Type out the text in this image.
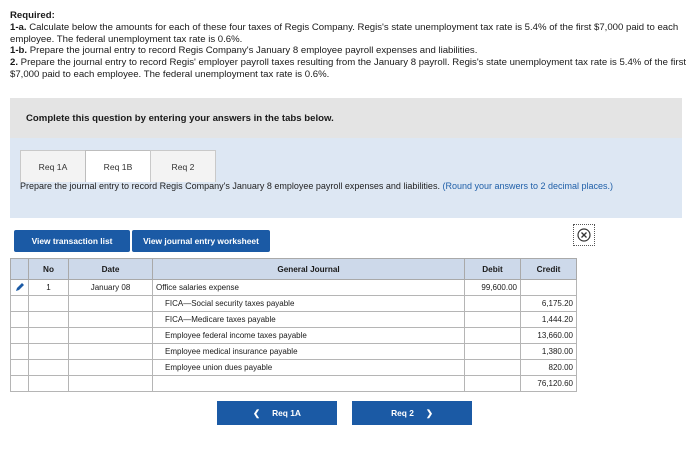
Required:
1-a. Calculate below the amounts for each of these four taxes of Regis Company. Regis's state unemployment tax rate is 5.4% of the first $7,000 paid to each employee. The federal unemployment tax rate is 0.6%.
1-b. Prepare the journal entry to record Regis Company's January 8 employee payroll expenses and liabilities.
2. Prepare the journal entry to record Regis' employer payroll taxes resulting from the January 8 payroll. Regis's state unemployment tax rate is 5.4% of the first $7,000 paid to each employee. The federal unemployment tax rate is 0.6%.
Complete this question by entering your answers in the tabs below.
Req 1A	Req 1B	Req 2
Prepare the journal entry to record Regis Company's January 8 employee payroll expenses and liabilities. (Round your answers to 2 decimal places.)
View transaction list	View journal entry worksheet
	No	Date	General Journal	Debit	Credit
	1	January 08	Office salaries expense	99,600.00	
			FICA—Social security taxes payable		6,175.20
			FICA—Medicare taxes payable		1,444.20
			Employee federal income taxes payable		13,660.00
			Employee medical insurance payable		1,380.00
			Employee union dues payable		820.00
					76,120.60
❮ Req 1A	Req 2 ❯
